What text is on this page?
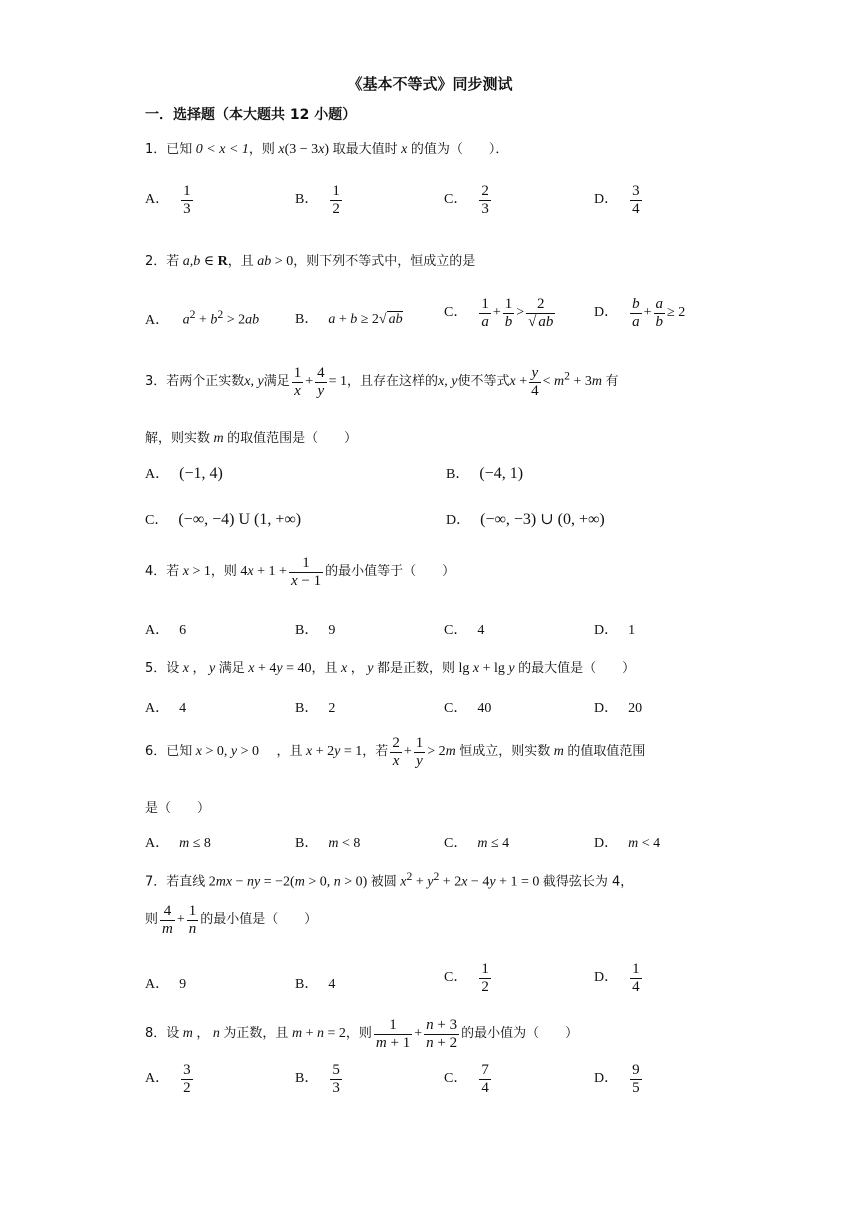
《基本不等式》同步测试
一．选择题（本大题共 12 小题）
1．已知 0 < x < 1，则 x(3 − 3x) 取最大值时 x 的值为（　　）．
A． $\frac{1}{3}$	B． $\frac{1}{2}$	C． $\frac{2}{3}$	D． $\frac{3}{4}$
2．若 a,b ∈ R，且 ab > 0，则下列不等式中，恒成立的是
A． $a^2 + b^2 > 2ab$	B． a + b ≥ 2√ ab	C． $\frac{1}{a} + \frac{1}{b} > \frac{2}{√ ab}$	D． $\frac{b}{a} + \frac{a}{b} \ge 2$
3．若两个正实数x, y满足 $\frac{1}{x} + \frac{4}{y} = 1$，且存在这样的x, y使不等式$x + \frac{y}{4} < m^2 + 3m$ 有
解，则实数 m 的取值范围是（　　）
A． (−1, 4)	B． (−4, 1)
C． (−∞, −4) U (1, +∞)	D． (−∞, −3) ∪ (0, +∞)
4．若 x > 1，则 $4x + 1 + \frac{1}{x - 1}$ 的最小值等于（　　）
A． 6	B． 9	C． 4	D． 1
5．设 x ， y 满足 x + 4y = 40，且 x ， y 都是正数，则 lg x + lg y 的最大值是（　　）
A． 4	B． 2	C． 40	D． 20
6．已知 x > 0, y > 0 　，且 x + 2y = 1，若 $\frac{2}{x} + \frac{1}{y} > 2m$ 恒成立，则实数 m 的值取值范围
是（　　）
A． m ≤ 8	B． m < 8	C． m ≤ 4	D． m < 4
7．若直线 2mx − ny = −2(m > 0, n > 0) 被圆 $x^2 + y^2 + 2x - 4y + 1 = 0$ 截得弦长为 4，
则 $\frac{4}{m} + \frac{1}{n}$ 的最小值是（　　）
A． 9	B． 4	C． $\frac{1}{2}$	D． $\frac{1}{4}$
8．设 m ， n 为正数，且 m + n = 2，则 $\frac{1}{m + 1} + \frac{n + 3}{n + 2}$ 的最小值为（　　）
A． $\frac{3}{2}$	B． $\frac{5}{3}$	C． $\frac{7}{4}$	D． $\frac{9}{5}$
